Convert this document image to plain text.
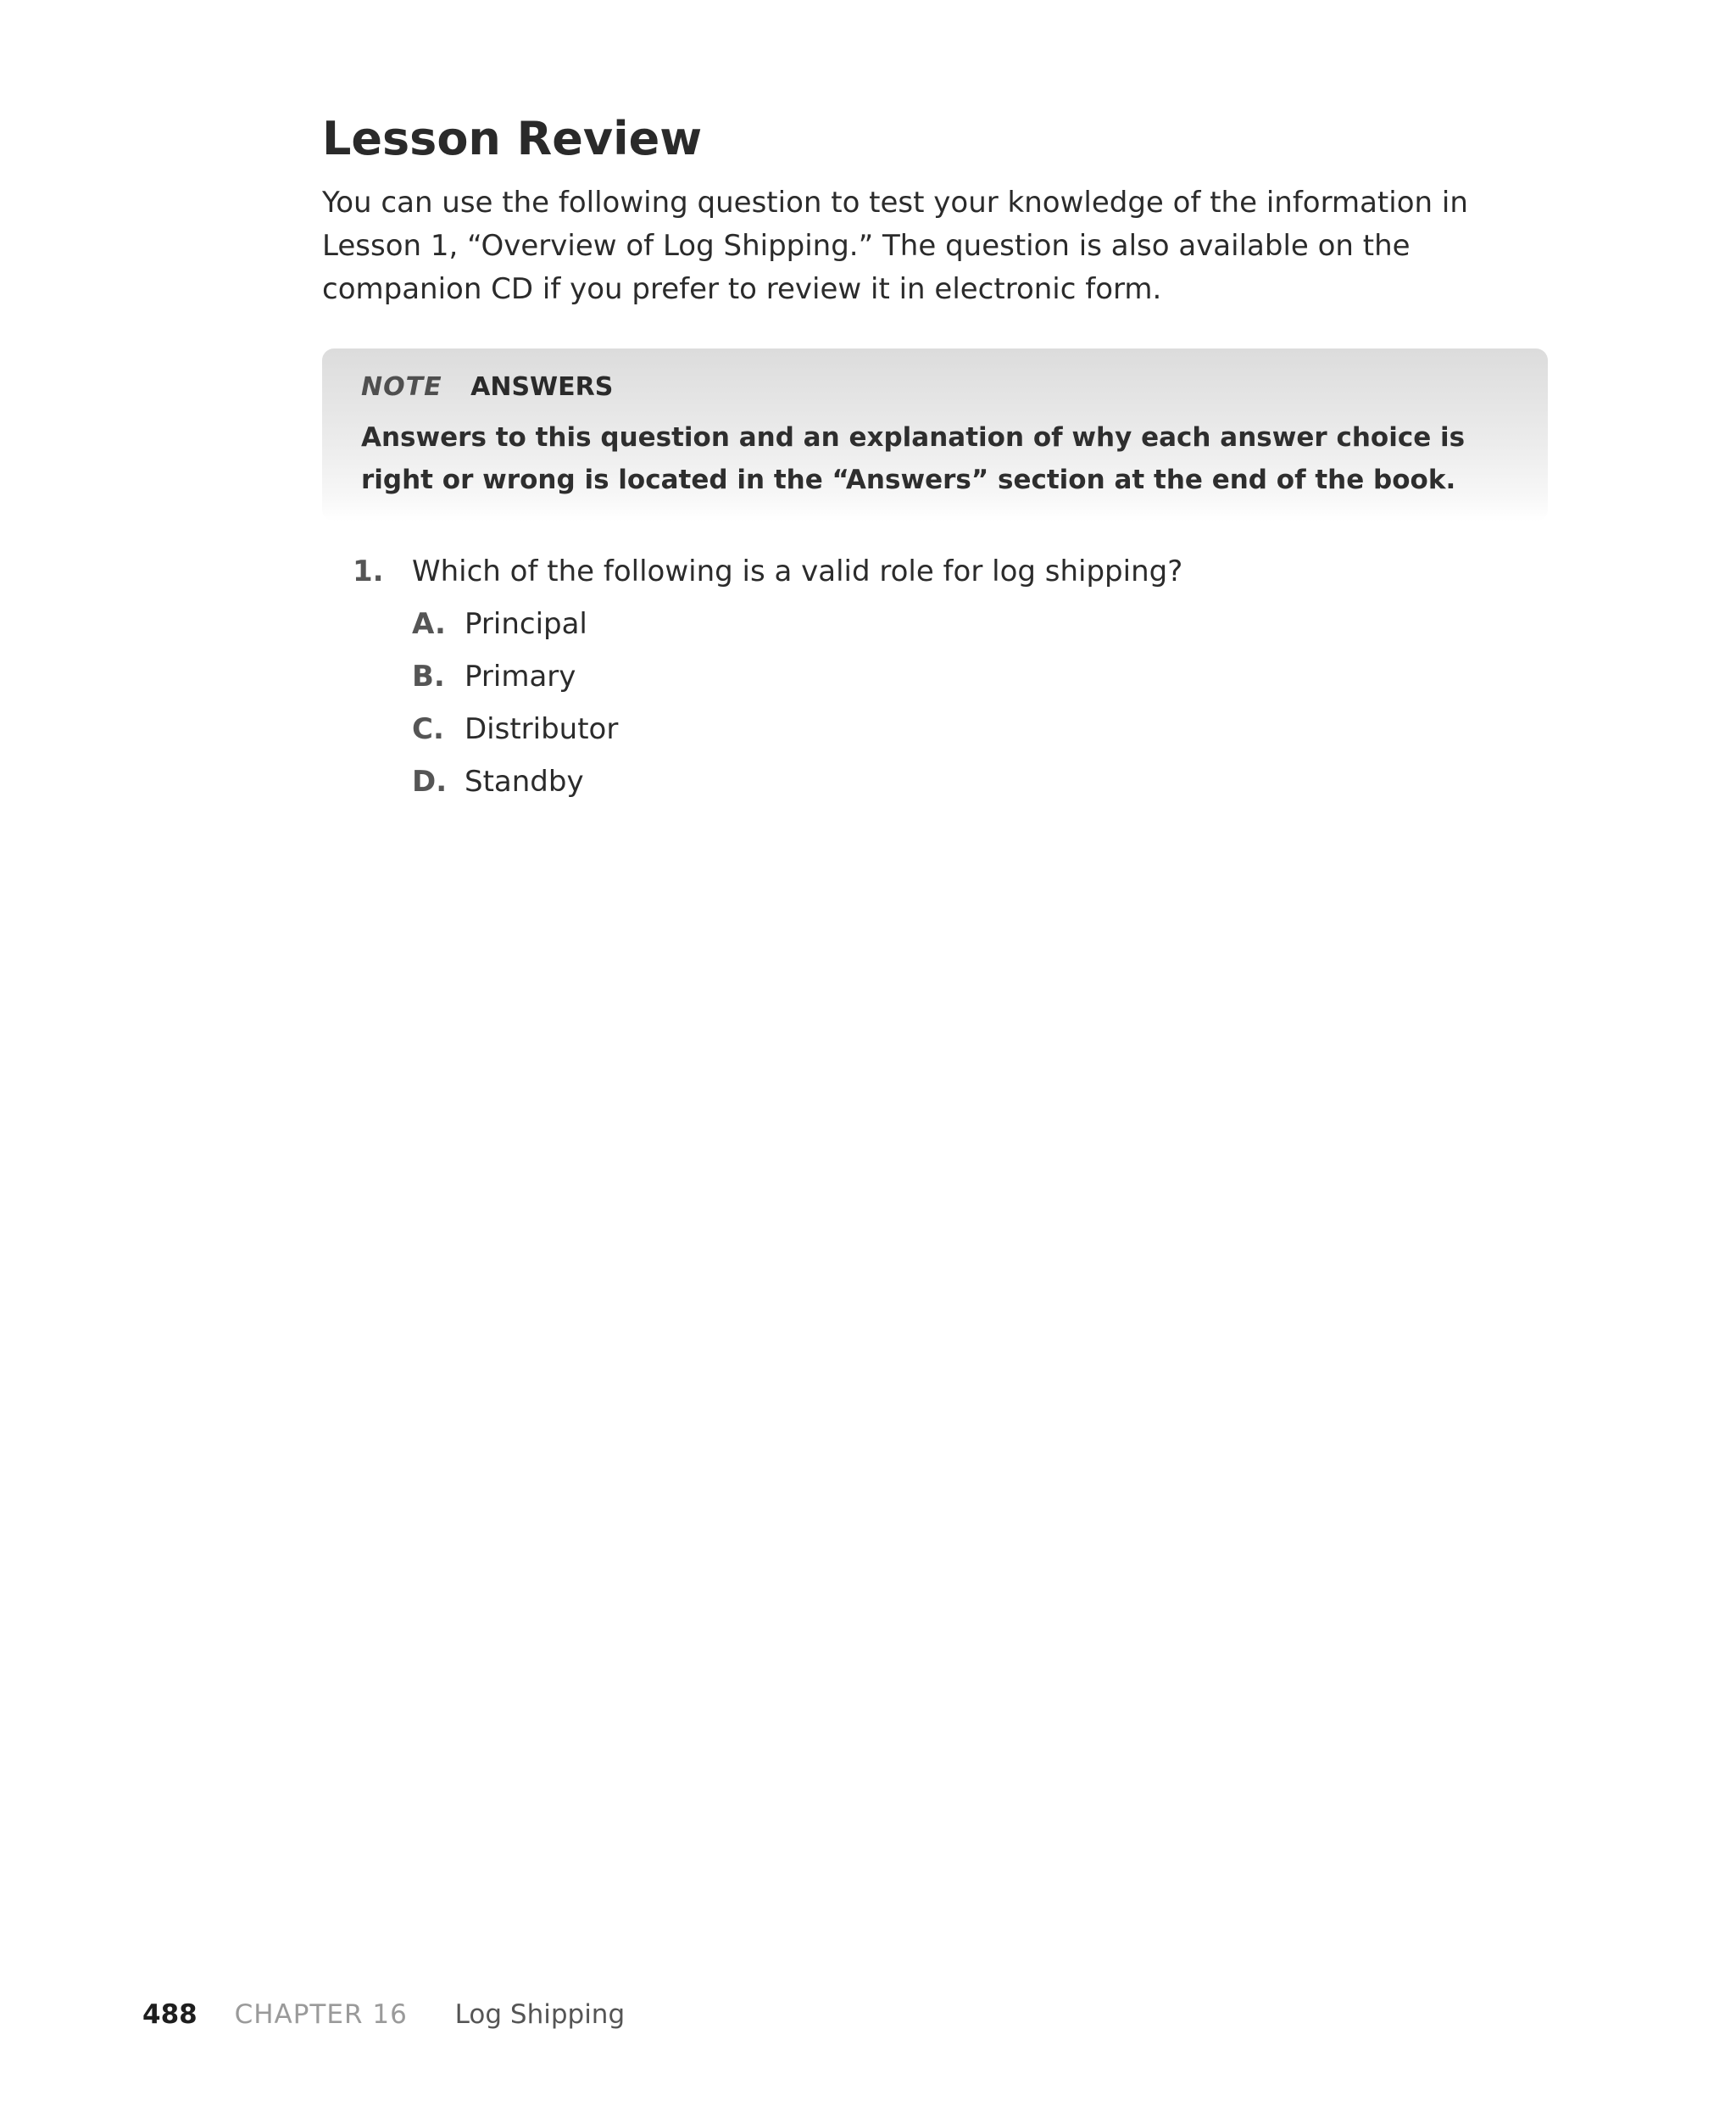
Lesson Review

You can use the following question to test your knowledge of the information in Lesson 1, “Overview of Log Shipping.” The question is also available on the companion CD if you prefer to review it in electronic form.

NOTE ANSWERS
Answers to this question and an explanation of why each answer choice is right or wrong is located in the “Answers” section at the end of the book.
1. Which of the following is a valid role for log shipping?
A. Principal
B. Primary
C. Distributor
D. Standby
488 CHAPTER 16 Log Shipping
